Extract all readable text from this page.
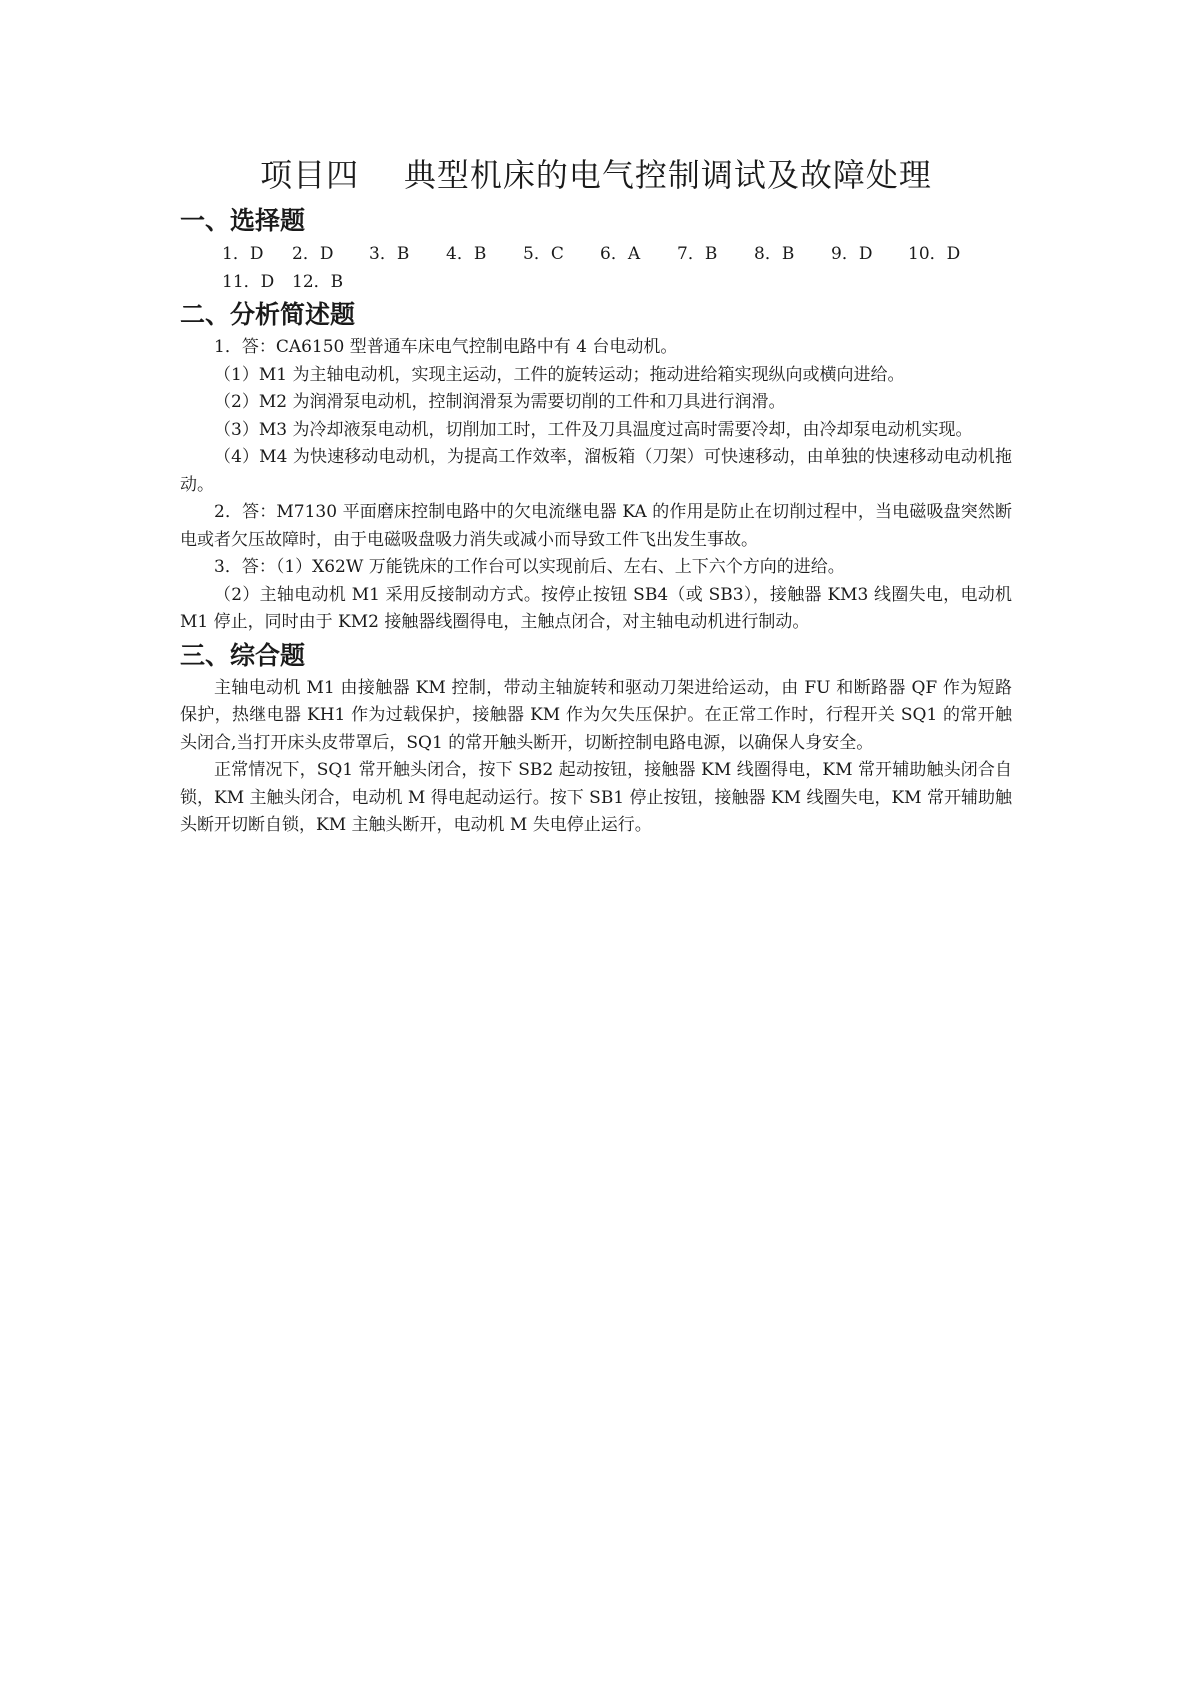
项目四    典型机床的电气控制调试及故障处理
一、选择题
1．D	2．D	3．B	4．B	5．C	6．A	7．B	8．B	9．D	10．D
11．D	12．B
二、分析简述题

1．答：CA6150 型普通车床电气控制电路中有 4 台电动机。

（1）M1 为主轴电动机，实现主运动，工件的旋转运动；拖动进给箱实现纵向或横向进给。

（2）M2 为润滑泵电动机，控制润滑泵为需要切削的工件和刀具进行润滑。

（3）M3 为冷却液泵电动机，切削加工时，工件及刀具温度过高时需要冷却，由冷却泵电动机实现。

（4）M4 为快速移动电动机，为提高工作效率，溜板箱（刀架）可快速移动，由单独的快速移动电动机拖动。

2．答：M7130 平面磨床控制电路中的欠电流继电器 KA 的作用是防止在切削过程中，当电磁吸盘突然断电或者欠压故障时，由于电磁吸盘吸力消失或减小而导致工件飞出发生事故。

3．答：（1）X62W 万能铣床的工作台可以实现前后、左右、上下六个方向的进给。

（2）主轴电动机 M1 采用反接制动方式。按停止按钮 SB4（或 SB3），接触器 KM3 线圈失电，电动机 M1 停止，同时由于 KM2 接触器线圈得电，主触点闭合，对主轴电动机进行制动。

三、综合题

主轴电动机 M1 由接触器 KM 控制，带动主轴旋转和驱动刀架进给运动，由 FU 和断路器 QF 作为短路保护，热继电器 KH1 作为过载保护，接触器 KM 作为欠失压保护。在正常工作时，行程开关 SQ1 的常开触头闭合,当打开床头皮带罩后，SQ1 的常开触头断开，切断控制电路电源，以确保人身安全。

正常情况下，SQ1 常开触头闭合，按下 SB2 起动按钮，接触器 KM 线圈得电，KM 常开辅助触头闭合自锁，KM 主触头闭合，电动机 M 得电起动运行。按下 SB1 停止按钮，接触器 KM 线圈失电，KM 常开辅助触头断开切断自锁，KM 主触头断开，电动机 M 失电停止运行。
